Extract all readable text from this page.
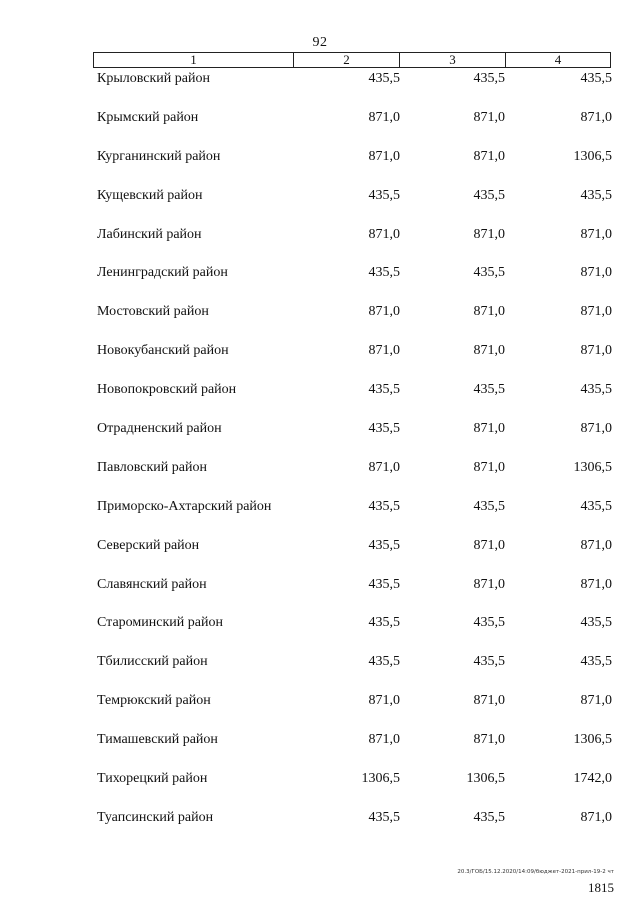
92
1	2	3	4
Крыловский район	435,5	435,5	435,5
Крымский район	871,0	871,0	871,0
Курганинский район	871,0	871,0	1306,5
Кущевский район	435,5	435,5	435,5
Лабинский район	871,0	871,0	871,0
Ленинградский район	435,5	435,5	871,0
Мостовский район	871,0	871,0	871,0
Новокубанский район	871,0	871,0	871,0
Новопокровский район	435,5	435,5	435,5
Отрадненский район	435,5	871,0	871,0
Павловский район	871,0	871,0	1306,5
Приморско-Ахтарский район	435,5	435,5	435,5
Северский район	435,5	871,0	871,0
Славянский район	435,5	871,0	871,0
Староминский район	435,5	435,5	435,5
Тбилисский район	435,5	435,5	435,5
Темрюкский район	871,0	871,0	871,0
Тимашевский район	871,0	871,0	1306,5
Тихорецкий район	1306,5	1306,5	1742,0
Туапсинский район	435,5	435,5	871,0
20.3/ГОБ/15.12.2020/14:09/бюджет-2021-прил-19-2 чт
1815
